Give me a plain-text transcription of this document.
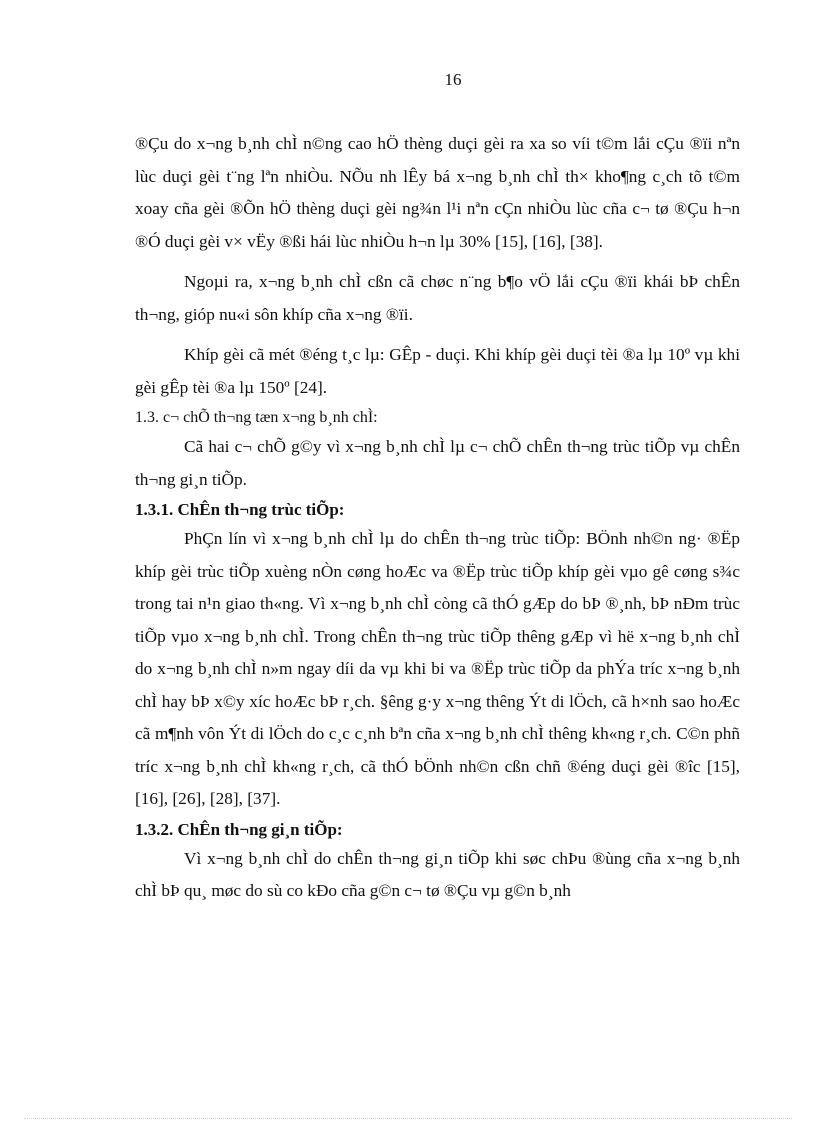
16

®Çu do x¬ng b¸nh chÌ n©ng cao hÖ thèng duçi gèi ra xa so víi t©m lắi cÇu ®ïi nªn lùc duçi gèi t¨ng lªn nhiÒu. NÕu nh lÊy bá x¬ng b¸nh chÌ th× kho¶ng c¸ch tõ t©m xoay cña gèi ®Õn hÖ thèng duçi gèi ng¾n l¹i nªn cÇn nhiÒu lùc cña c¬ tø ®Çu h¬n ®Ó duçi gèi v× vËy ®ßi hái lùc nhiÒu h¬n lµ 30% [15], [16], [38].

Ngoµi ra, x¬ng b¸nh chÌ cßn cã chøc n¨ng b¶o vÖ lắi cÇu ®ïi khái bÞ chÊn th¬ng, gióp nu«i sôn khíp cña x¬ng ®ïi.

Khíp gèi cã mét ®éng t¸c lµ: GÊp - duçi. Khi khíp gèi duçi tèi ®a lµ 10º vµ khi gèi gÊp tèi ®a lµ 150º [24].

1.3. c¬ chÕ th¬ng tæn x¬ng b¸nh chÌ:

Cã hai c¬ chÕ g©y vì x¬ng b¸nh chÌ lµ c¬ chÕ chÊn th¬ng trùc tiÕp vµ chÊn th¬ng gi¸n tiÕp.

1.3.1. ChÊn th¬ng trùc tiÕp:

PhÇn lín vì x¬ng b¸nh chÌ lµ do chÊn th¬ng trùc tiÕp: BÖnh nh©n ng· ®Ëp khíp gèi trùc tiÕp xuèng nÒn cøng hoÆc va ®Ëp trùc tiÕp khíp gèi vµo gê cøng s¾c trong tai n¹n giao th«ng. Vì x¬ng b¸nh chÌ còng cã thÓ gÆp do bÞ ®¸nh, bÞ nÐm trùc tiÕp vµo x¬ng b¸nh chÌ. Trong chÊn th¬ng trùc tiÕp thêng gÆp vì hë x¬ng b¸nh chÌ do x¬ng b¸nh chÌ n»m ngay díi da vµ khi bi va ®Ëp trùc tiÕp da phÝa tríc x¬ng b¸nh chÌ hay bÞ x©y xíc hoÆc bÞ r¸ch. §êng g·y x¬ng thêng Ýt di lÖch, cã h×nh sao hoÆc cã m¶nh vôn Ýt di lÖch do c¸c c¸nh bªn cña x¬ng b¸nh chÌ thêng kh«ng r¸ch. C©n phñ tríc x¬ng b¸nh chÌ kh«ng r¸ch, cã thÓ bÖnh nh©n cßn chñ ®éng duçi gèi ®îc [15], [16], [26], [28], [37].

1.3.2. ChÊn th¬ng gi¸n tiÕp:

Vì x¬ng b¸nh chÌ do chÊn th¬ng gi¸n tiÕp khi søc chÞu ®ùng cña x¬ng b¸nh chÌ bÞ qu¸ møc do sù co kÐo cña g©n c¬ tø ®Çu vµ g©n b¸nh
